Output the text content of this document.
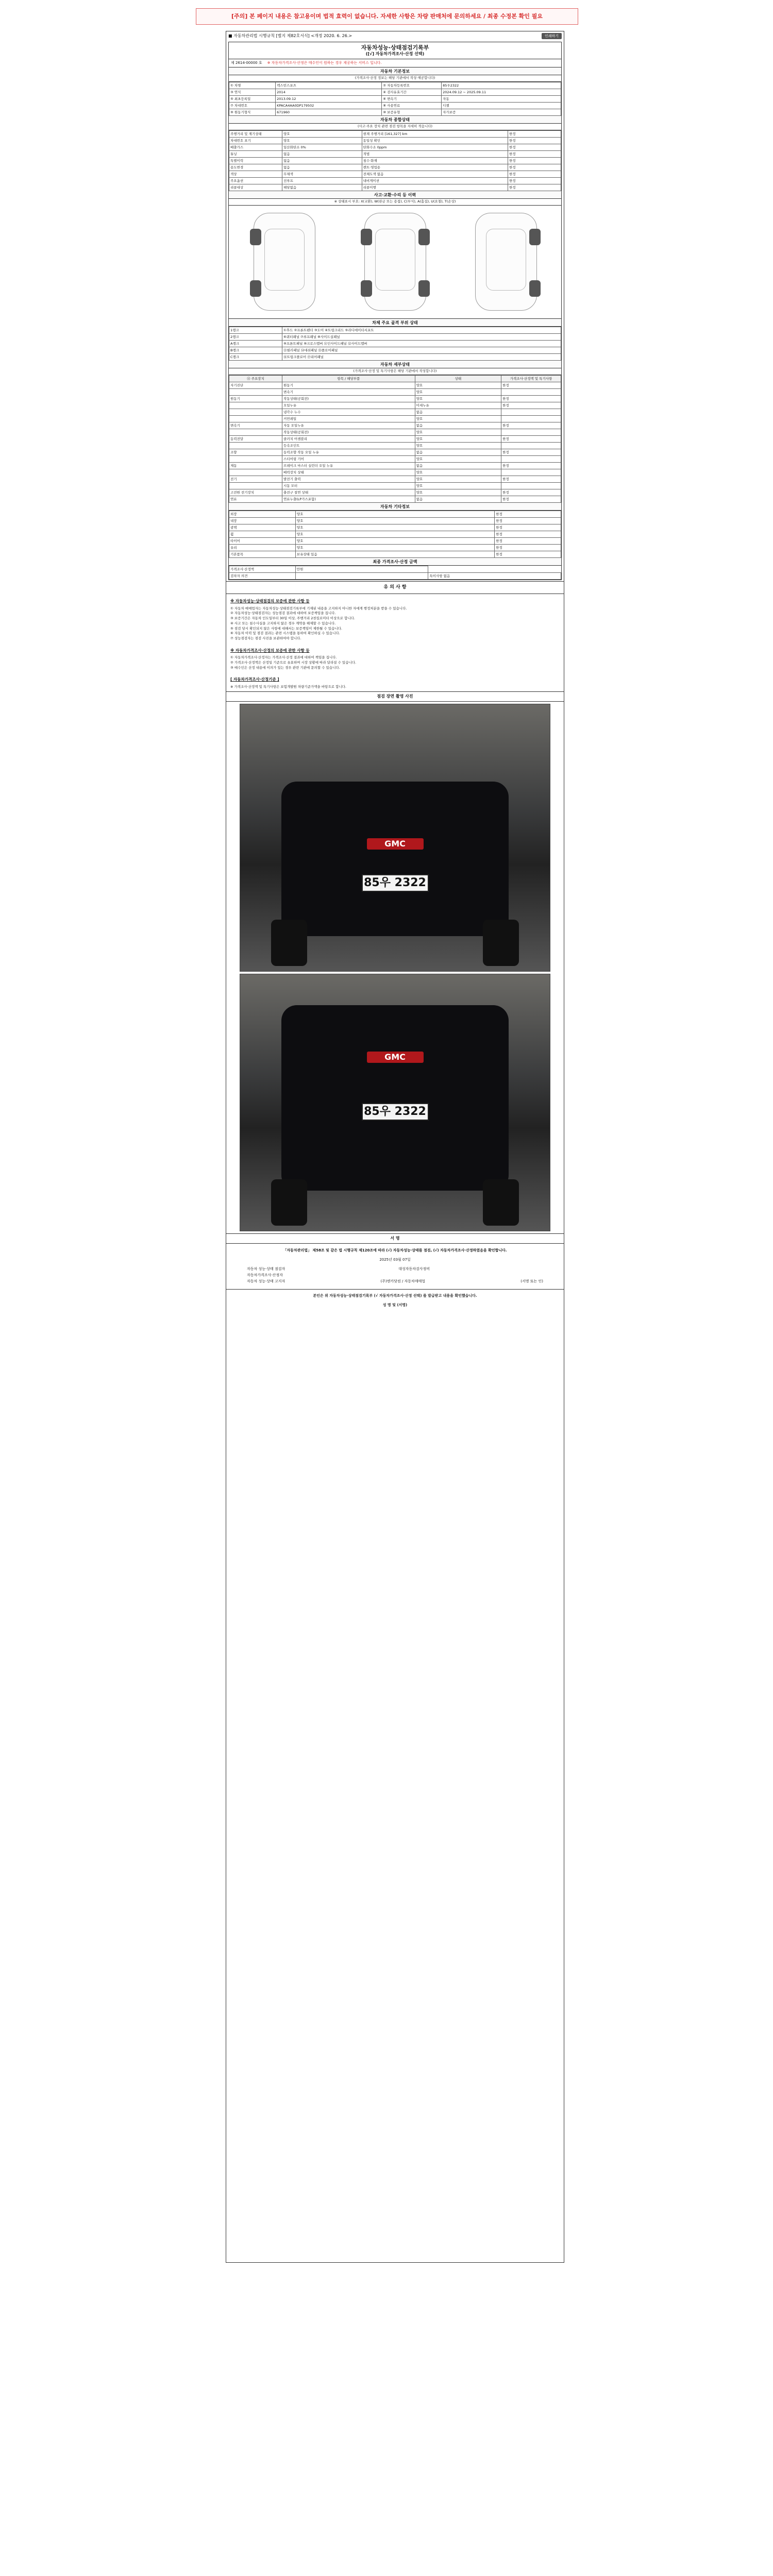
[주의] 본 페이지 내용은 참고용이며 법적 효력이 없습니다. 자세한 사항은 차량 판매처에 문의하세요 / 최종 수정본 확인 필요
■ 자동차관리법 시행규칙 [별지 제82호서식] <개정 2020. 6. 26.>	인쇄하기
자동차성능·상태점검기록부
([√] 자동차가격조사·산정 선택)
제 2614-00000 호 ※ 자동차가격조사·산정은 매수인이 원하는 경우 제공하는 서비스 입니다.
자동차 기본정보
(가격조사·산정 정보는 해당 기관에서 작성·제공합니다)
① 차명	렉스턴스포츠	② 자동차등록번호	85우2322
③ 연식	2014	④ 검사유효기간	2024.09.12 ~ 2025.09.11
⑤ 최초등록일	2013.09.12	⑥ 변속기	자동
⑦ 차대번호	KPACA4AA0DP179502	⑧ 사용연료	디젤
⑨ 원동기형식	671960	⑩ 보증유형	자가보증
자동차 종합상태
(사고·주요 장치 관련 점검 항목을 자세히 적습니다)
주행거리 및 계기상태	양호	현재 주행거리 [161,327] km	한정
차대번호 표기	양호	동일성 확인	한정
배출가스	일산화탄소 0%	탄화수소 0ppm	한정
튜닝	없음	적법	한정
특별이력	없음	침수·화재	한정
용도변경	없음	렌트·영업용	한정
색상	무채색	전체도색 없음	한정
주요옵션	선루프	내비게이션	한정
리콜대상	해당없음	리콜이행	한정
사고·교환·수리 등 이력
※ 상태표시 부호: X(교환), W(판금 또는 용접), C(부식), A(흠집), U(요철), T(손상)
차체 주요 골격 부위 상태
1랭크	①후드 ②프론트펜더 ③도어 ④트렁크리드 ⑤라디에이터서포트
2랭크	⑥쿼터패널 ⑦루프패널 ⑧사이드실패널
A랭크	⑨프론트패널 ⑩크로스멤버 ⑪인사이드패널 ⑫사이드멤버
B랭크	⑬필러패널 ⑭대쉬패널 ⑮플로어패널
C랭크	⑯트렁크플로어 ⑰리어패널
자동차 세부상태
(가격조사·산정 및 특기사항은 해당 기관에서 작성합니다)
⑪ 주요장치	항목 / 해당부품	상태	가격조사·산정액 및 특기사항
자기진단	원동기	양호	한정
	변속기	양호	
원동기	작동상태(공회전)	양호	한정
	오일누유	미세누유	한정
	냉각수 누수	없음	
	커먼레일	양호	
변속기	자동 오일누유	없음	한정
	작동상태(공회전)	양호	
동력전달	클러치 어셈블리	양호	한정
	등속조인트	양호	
조향	동력조향 작동 오일 누유	없음	한정
	스티어링 기어	양호	
제동	브레이크 마스터 실린더 오일 누유	없음	한정
	배력장치 상태	양호	
전기	발전기 출력	양호	한정
	시동 모터	양호	
고전원 전기장치	충전구 절연 상태	양호	한정
연료	연료누출(LP가스포함)	없음	한정
자동차 기타정보
외장	양호	한정
내장	양호	한정
광택	양호	한정
휠	양호	한정
타이어	양호	한정
유리	양호	한정
기본품목	보유상태 있음	한정
최종 가격조사·산정 금액
가격조사·산정액	만원	
검차자 의견		특이사항 없음
유 의 사 항
※ 자동차성능·상태점검의 보증에 관한 사항 등
① 자동차 매매업자는 자동차성능·상태점검기록부에 기재된 내용을 고지하지 아니한 자에게 행정처분을 받을 수 있습니다.
② 자동차성능·상태점검자는 성능점검 결과에 대하여 보증책임을 집니다.
③ 보증기간은 자동차 인도일부터 30일 이상, 주행거리 2천킬로미터 이상으로 합니다.
④ 사고 또는 침수사실을 고지하지 않은 경우 계약을 해제할 수 있습니다.
⑤ 점검 당시 확인되지 않은 사항에 대해서는 보증책임이 제한될 수 있습니다.
⑥ 자동차 이력 및 점검 결과는 관련 시스템을 통하여 확인하실 수 있습니다.
⑦ 성능점검자는 점검 사진을 보관하여야 합니다.
※ 자동차가격조사·산정의 보증에 관한 사항 등
① 자동차가격조사·산정자는 가격조사·산정 결과에 대하여 책임을 집니다.
② 가격조사·산정액은 산정일 기준으로 유효하며 시장 상황에 따라 달라질 수 있습니다.
③ 매수인은 산정 내용에 이의가 있는 경우 관련 기관에 문의할 수 있습니다.
[ 자동차가격조사·산정기준 ]
※ 가격조사·산정액 및 특기사항은 보험개발원 차량기준가액을 바탕으로 합니다.
점검 장면 촬영 사진
GMC
85우 2322
GMC
85우 2322
서 명
「자동차관리법」 제58조 및 같은 법 시행규칙 제120조에 따라 (√) 자동차성능·상태를 점검, (√) 자동차가격조사·산정하였음을 확인합니다.
2025년 03월 07일
자동차 성능·상태 점검자	대성자동차검사정비
자동차가격조사·산정자
자동차 성능·상태 고지자	(주)엔카닷컴 / 자동차매매업	(서명 또는 인)
본인은 위 자동차성능·상태점검기록부 (√ 자동차가격조사·산정 선택) 를 발급받고 내용을 확인했습니다.
성 명 및 (서명)
